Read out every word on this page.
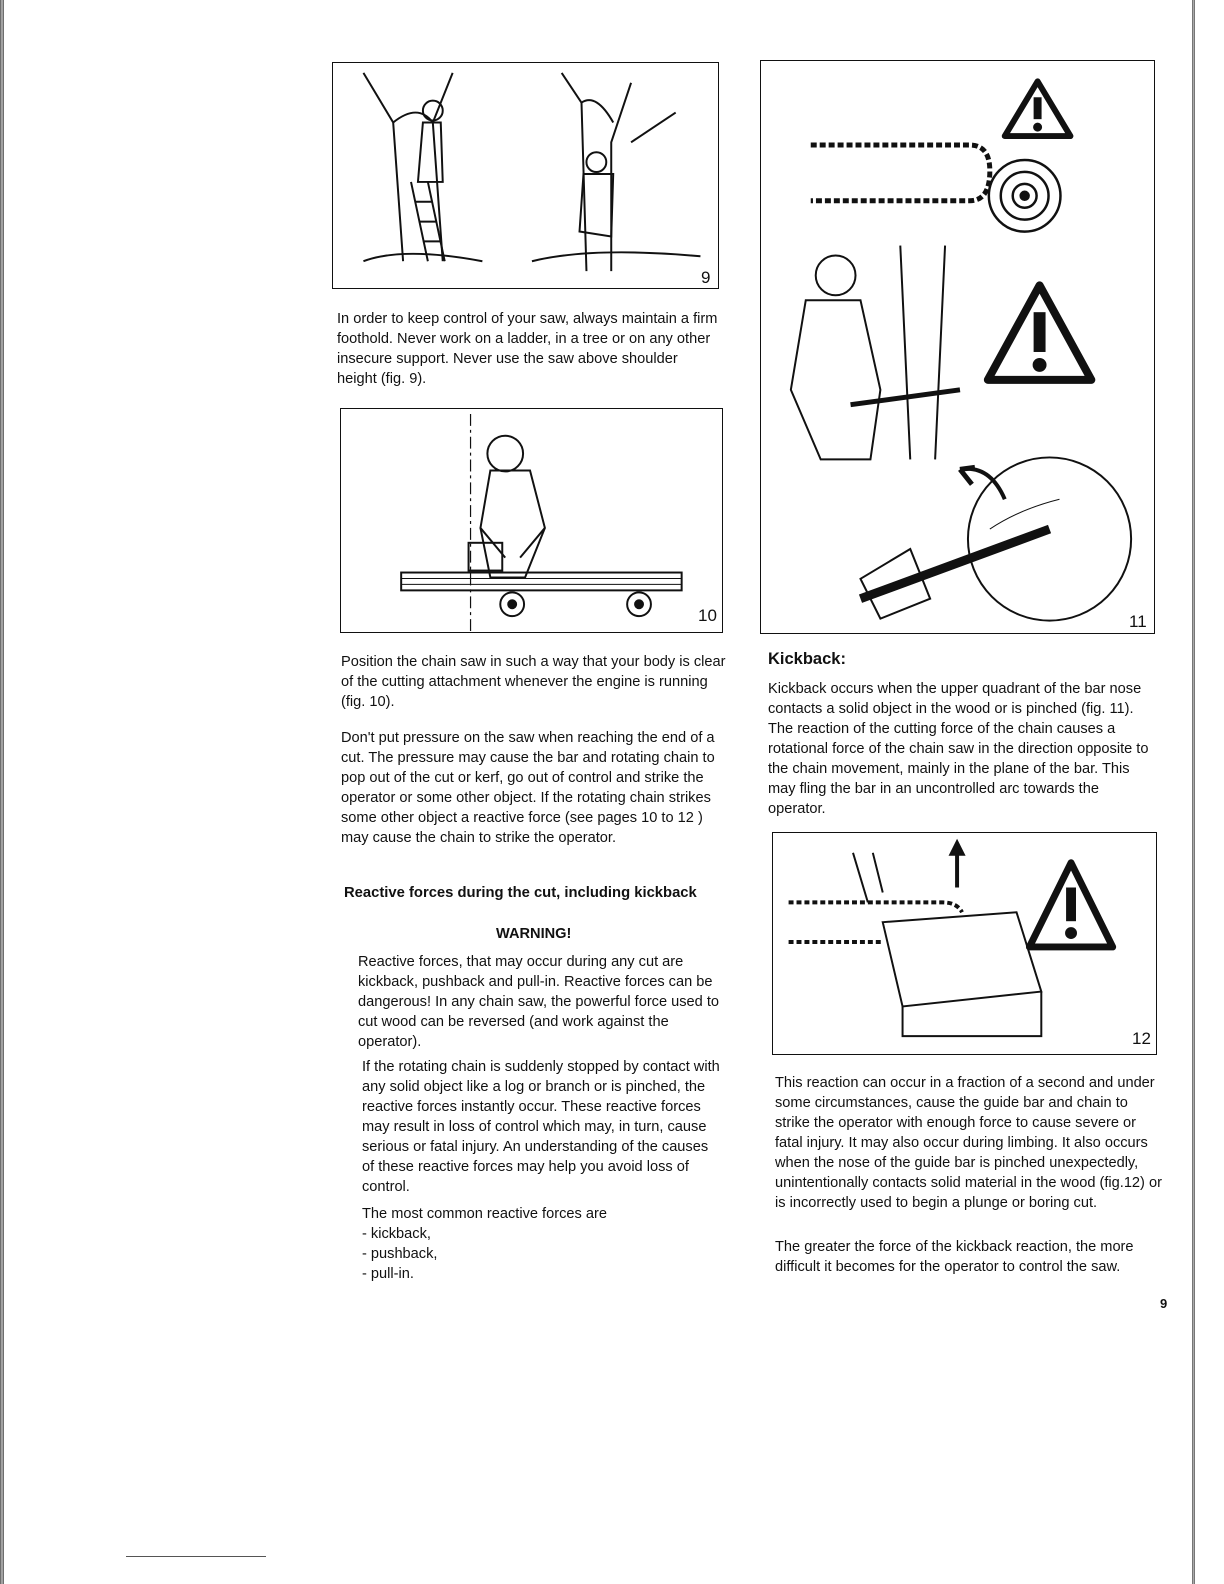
9
In order to keep control of your saw, always maintain a firm foothold. Never work on a ladder, in a tree or on any other insecure support. Never use the saw above shoulder height (fig. 9).
10
Position the chain saw in such a way that your body is clear of the cutting attachment whenever the engine is running (fig. 10).
Don't put pressure on the saw when reaching the end of a cut. The pressure may cause the bar and rotating chain to pop out of the cut or kerf, go out of control and strike the operator or some other object. If the rotating chain strikes some other object a reactive force (see pages 10 to 12 ) may cause the chain to strike the operator.
Reactive forces during the cut, including kickback
WARNING!
Reactive forces, that may occur during any cut are kickback, pushback and pull-in. Reactive forces can be dangerous! In any chain saw, the powerful force used to cut wood can be reversed (and work against the operator).
If the rotating chain is suddenly stopped by contact with any solid object like a log or branch or is pinched, the reactive forces instantly occur. These reactive forces may result in loss of control which may, in turn, cause serious or fatal injury. An understanding of the causes of these reactive forces may help you avoid loss of control.
The most common reactive forces are
- kickback,
- pushback,
- pull-in.
11
Kickback:
Kickback occurs when the upper quadrant of the bar nose contacts a solid object in the wood or is pinched (fig. 11). The reaction of the cutting force of the chain causes a rotational force of the chain saw in the direction opposite to the chain movement, mainly in the plane of the bar. This may fling the bar in an uncontrolled arc towards the operator.
12
This reaction can occur in a fraction of a second and under some circumstances, cause the guide bar and chain to strike the operator with enough force to cause severe or fatal injury. It may also occur during limbing. It also occurs when the nose of the guide bar is pinched unexpectedly, unintentionally contacts solid material in the wood (fig.12) or is incorrectly used to begin a plunge or boring cut.
The greater the force of the kickback reaction, the more difficult it becomes for the operator to control the saw.
9
